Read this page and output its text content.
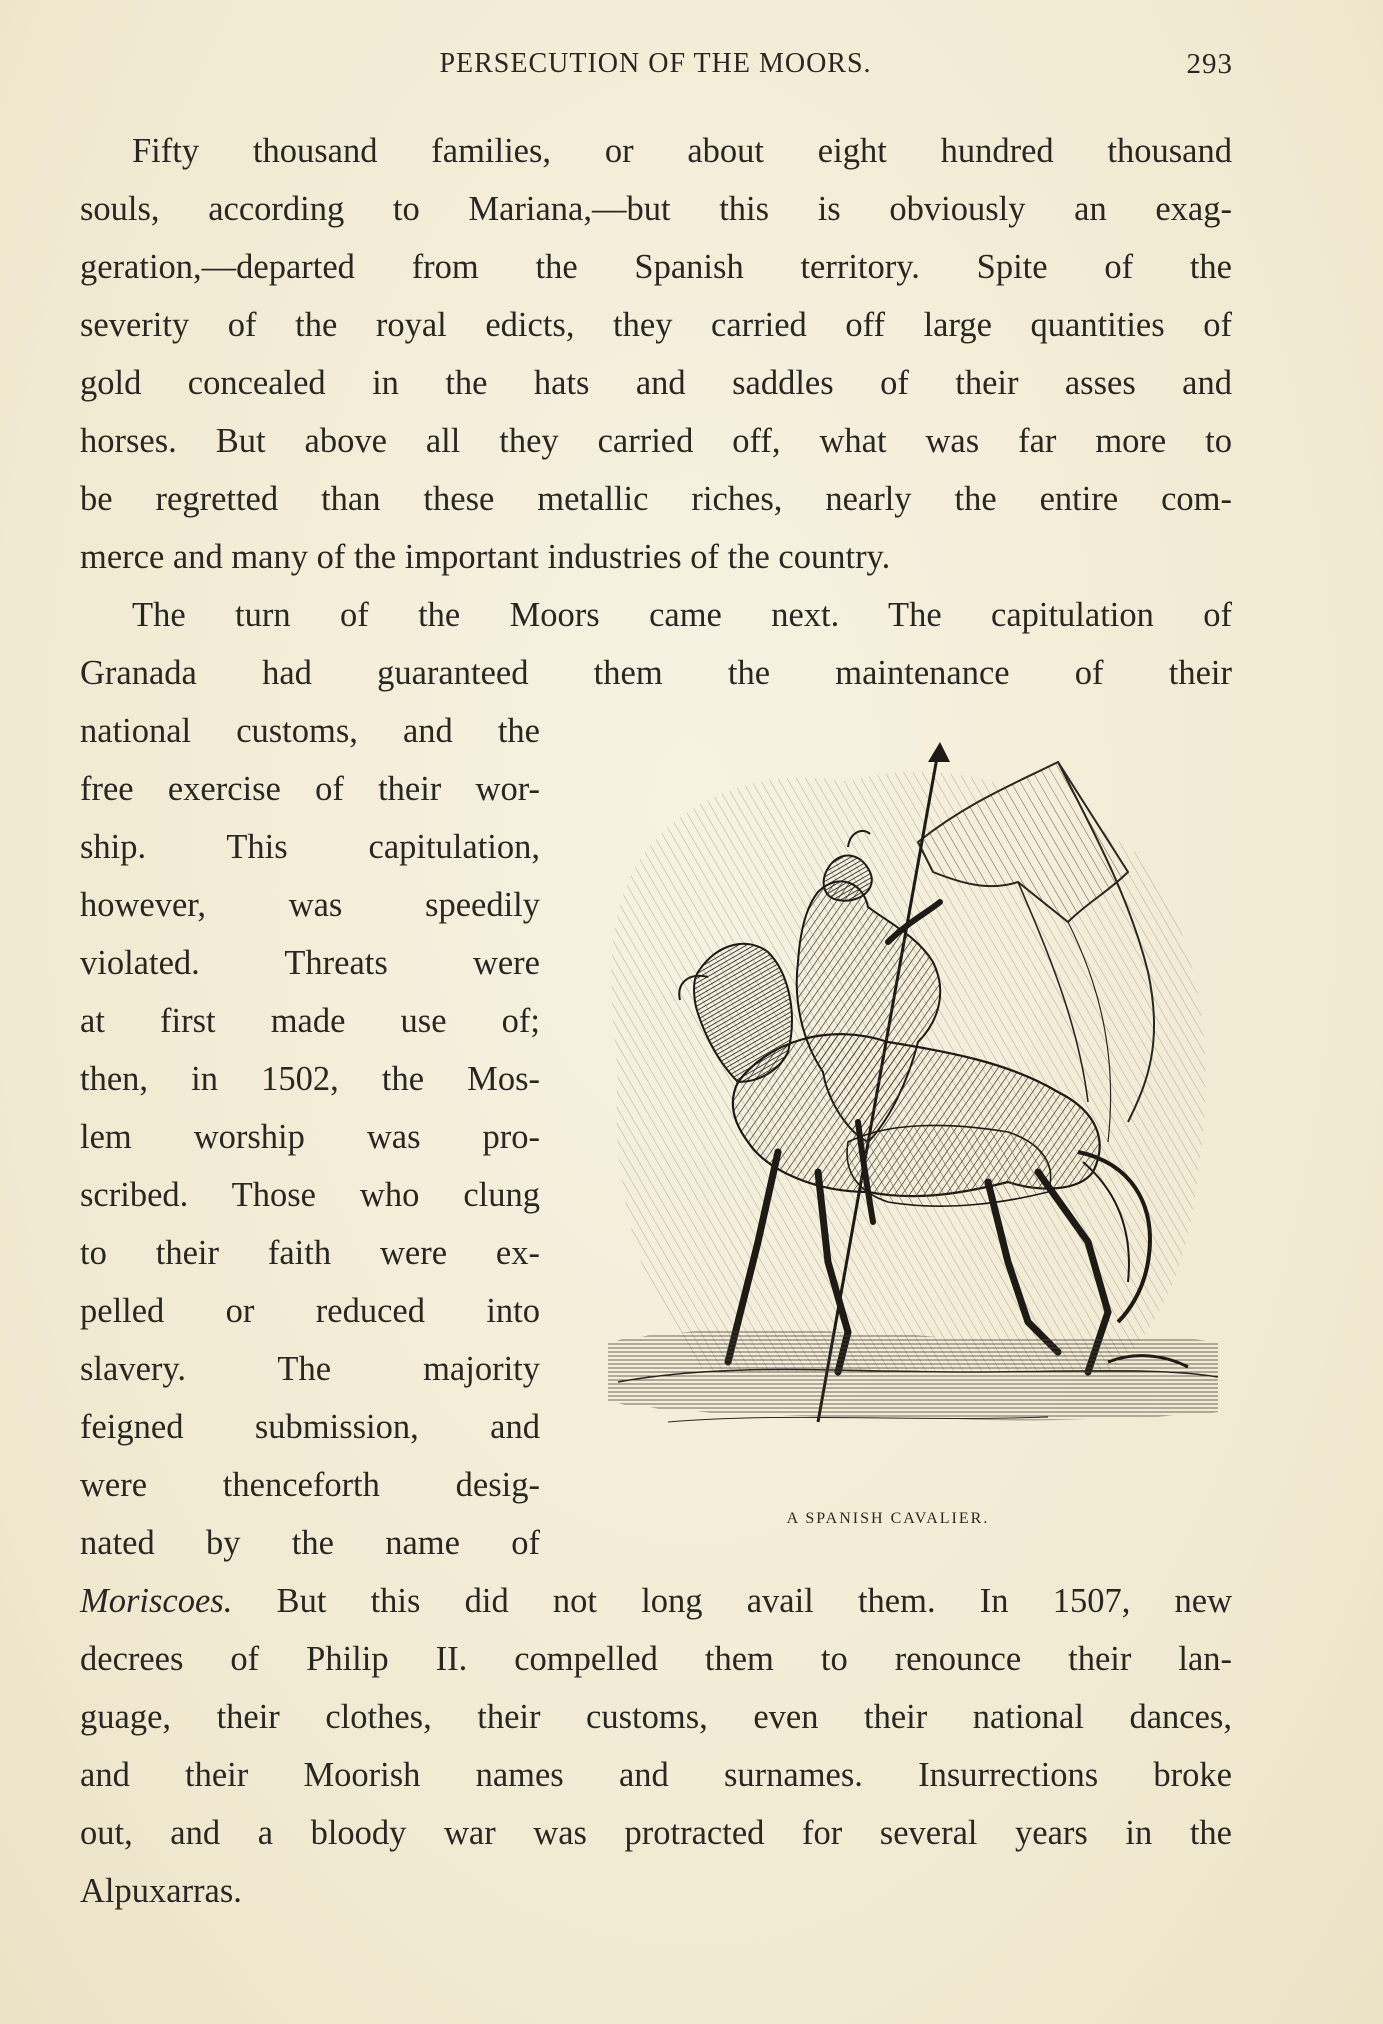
PERSECUTION OF THE MOORS.	293
Fifty thousand families, or about eight hundred thousand
souls, according to Mariana,—but this is obviously an exag-
geration,—departed from the Spanish territory. Spite of the
severity of the royal edicts, they carried off large quantities of
gold concealed in the hats and saddles of their asses and
horses. But above all they carried off, what was far more to
be regretted than these metallic riches, nearly the entire com-
merce and many of the important industries of the country.
The turn of the Moors came next. The capitulation of
Granada had guaranteed them the maintenance of their
national customs, and the
free exercise of their wor-
ship. This capitulation,
however, was speedily
violated. Threats were
at first made use of;
then, in 1502, the Mos-
lem worship was pro-
scribed. Those who clung
to their faith were ex-
pelled or reduced into
slavery. The majority
feigned submission, and
were thenceforth desig-
nated by the name of
Moriscoes. But this did not long avail them. In 1507, new
decrees of Philip II. compelled them to renounce their lan-
guage, their clothes, their customs, even their national dances,
and their Moorish names and surnames. Insurrections broke
out, and a bloody war was protracted for several years in the
Alpuxarras.
A SPANISH CAVALIER.
